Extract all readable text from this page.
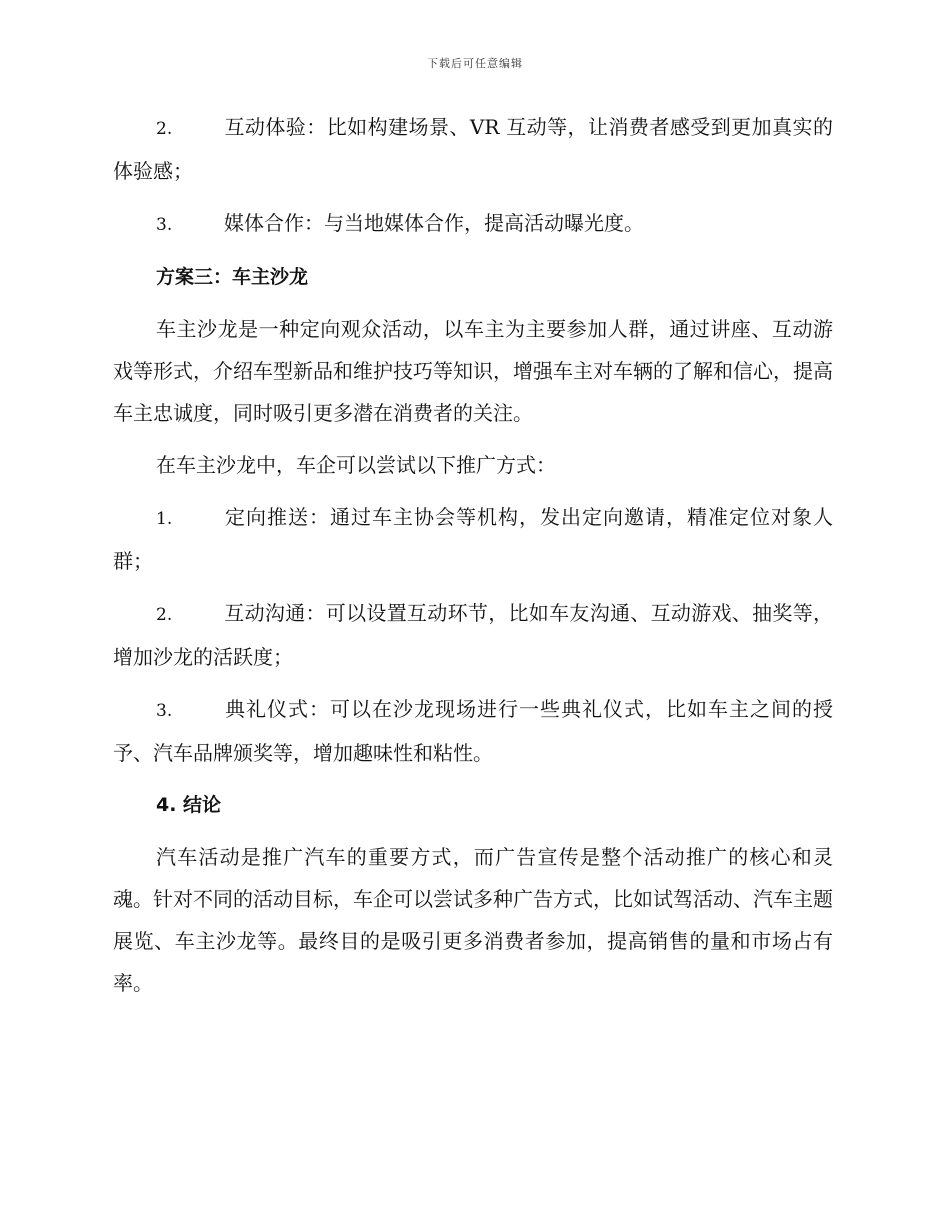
下载后可任意编辑

2.	互动体验：比如构建场景、VR 互动等，让消费者感受到更加真实的体验感；

3.	媒体合作：与当地媒体合作，提高活动曝光度。

方案三：车主沙龙

车主沙龙是一种定向观众活动，以车主为主要参加人群，通过讲座、互动游戏等形式，介绍车型新品和维护技巧等知识，增强车主对车辆的了解和信心，提高车主忠诚度，同时吸引更多潜在消费者的关注。

在车主沙龙中，车企可以尝试以下推广方式：

1.	定向推送：通过车主协会等机构，发出定向邀请，精准定位对象人群；

2.	互动沟通：可以设置互动环节，比如车友沟通、互动游戏、抽奖等，增加沙龙的活跃度；

3.	典礼仪式：可以在沙龙现场进行一些典礼仪式，比如车主之间的授予、汽车品牌颁奖等，增加趣味性和粘性。

4. 结论

汽车活动是推广汽车的重要方式，而广告宣传是整个活动推广的核心和灵魂。针对不同的活动目标，车企可以尝试多种广告方式，比如试驾活动、汽车主题展览、车主沙龙等。最终目的是吸引更多消费者参加，提高销售的量和市场占有率。
